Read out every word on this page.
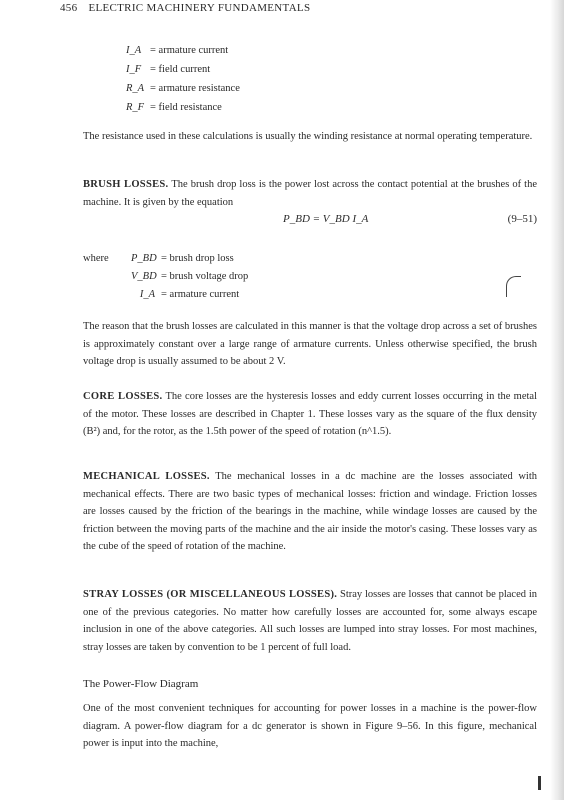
456 ELECTRIC MACHINERY FUNDAMENTALS
I_A = armature current
I_F = field current
R_A = armature resistance
R_F = field resistance
The resistance used in these calculations is usually the winding resistance at normal operating temperature.
BRUSH LOSSES. The brush drop loss is the power lost across the contact potential at the brushes of the machine. It is given by the equation
P_BD = V_BD I_A	(9–51)
where P_BD = brush drop loss
V_BD = brush voltage drop
I_A = armature current
The reason that the brush losses are calculated in this manner is that the voltage drop across a set of brushes is approximately constant over a large range of armature currents. Unless otherwise specified, the brush voltage drop is usually assumed to be about 2 V.
CORE LOSSES. The core losses are the hysteresis losses and eddy current losses occurring in the metal of the motor. These losses are described in Chapter 1. These losses vary as the square of the flux density (B²) and, for the rotor, as the 1.5th power of the speed of rotation (n^1.5).
MECHANICAL LOSSES. The mechanical losses in a dc machine are the losses associated with mechanical effects. There are two basic types of mechanical losses: friction and windage. Friction losses are losses caused by the friction of the bearings in the machine, while windage losses are caused by the friction between the moving parts of the machine and the air inside the motor's casing. These losses vary as the cube of the speed of rotation of the machine.
STRAY LOSSES (OR MISCELLANEOUS LOSSES). Stray losses are losses that cannot be placed in one of the previous categories. No matter how carefully losses are accounted for, some always escape inclusion in one of the above categories. All such losses are lumped into stray losses. For most machines, stray losses are taken by convention to be 1 percent of full load.
The Power-Flow Diagram
One of the most convenient techniques for accounting for power losses in a machine is the power-flow diagram. A power-flow diagram for a dc generator is shown in Figure 9–56. In this figure, mechanical power is input into the machine,
